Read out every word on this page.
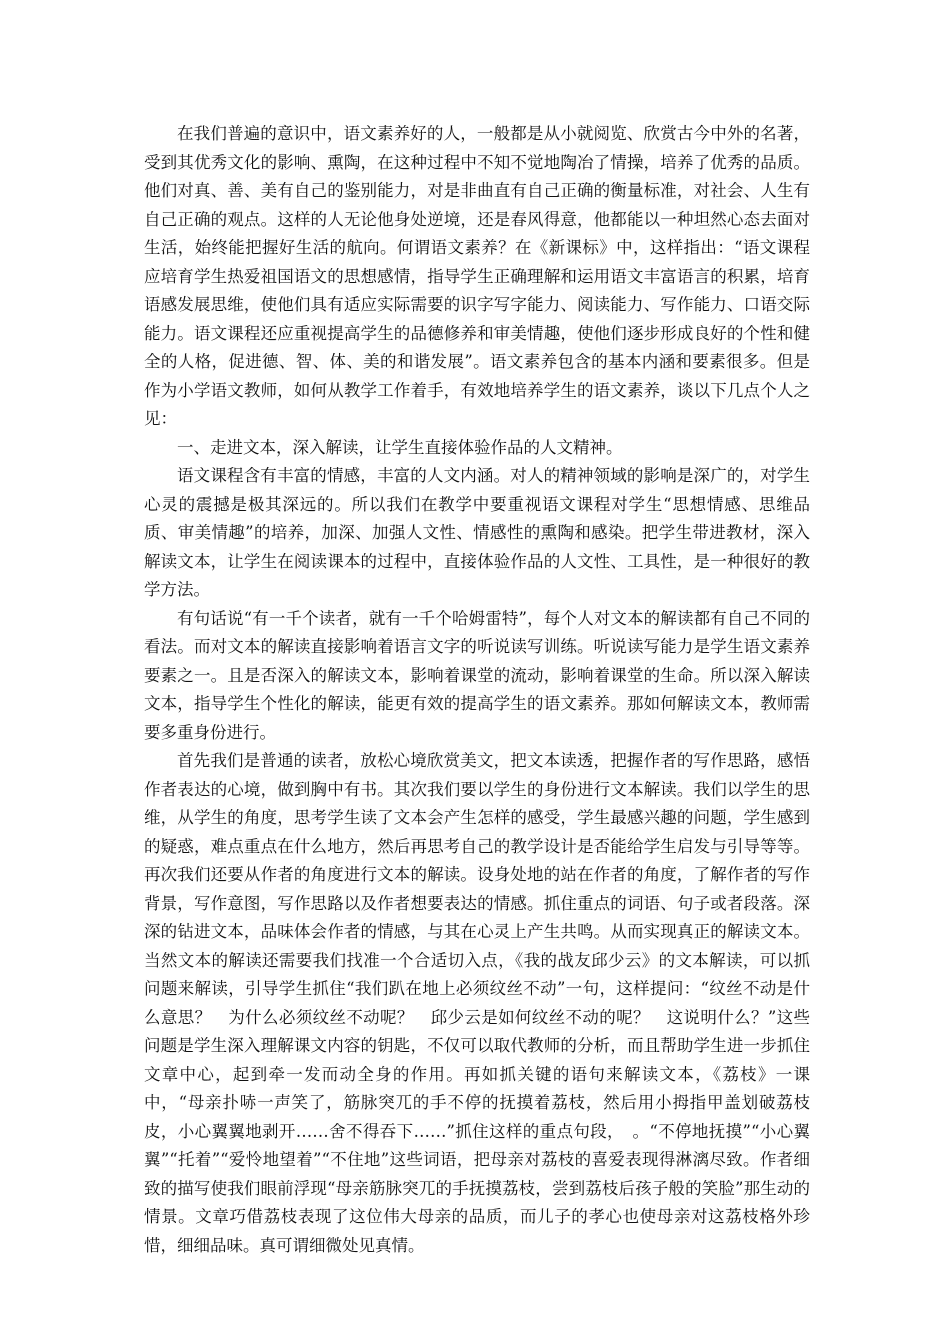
在我们普遍的意识中，语文素养好的人，一般都是从小就阅览、欣赏古今中外的名著，受到其优秀文化的影响、熏陶，在这种过程中不知不觉地陶冶了情操，培养了优秀的品质。他们对真、善、美有自己的鉴别能力，对是非曲直有自己正确的衡量标准，对社会、人生有自己正确的观点。这样的人无论他身处逆境，还是春风得意，他都能以一种坦然心态去面对生活，始终能把握好生活的航向。何谓语文素养？在《新课标》中，这样指出：“语文课程应培育学生热爱祖国语文的思想感情，指导学生正确理解和运用语文丰富语言的积累，培育语感发展思维，使他们具有适应实际需要的识字写字能力、阅读能力、写作能力、口语交际能力。语文课程还应重视提高学生的品德修养和审美情趣，使他们逐步形成良好的个性和健全的人格，促进德、智、体、美的和谐发展”。语文素养包含的基本内涵和要素很多。但是作为小学语文教师，如何从教学工作着手，有效地培养学生的语文素养，谈以下几点个人之见：

一、走进文本，深入解读，让学生直接体验作品的人文精神。

语文课程含有丰富的情感，丰富的人文内涵。对人的精神领域的影响是深广的，对学生心灵的震撼是极其深远的。所以我们在教学中要重视语文课程对学生“思想情感、思维品质、审美情趣”的培养，加深、加强人文性、情感性的熏陶和感染。把学生带进教材，深入解读文本，让学生在阅读课本的过程中，直接体验作品的人文性、工具性，是一种很好的教学方法。

有句话说“有一千个读者，就有一千个哈姆雷特”，每个人对文本的解读都有自己不同的看法。而对文本的解读直接影响着语言文字的听说读写训练。听说读写能力是学生语文素养要素之一。且是否深入的解读文本，影响着课堂的流动，影响着课堂的生命。所以深入解读文本，指导学生个性化的解读，能更有效的提高学生的语文素养。那如何解读文本，教师需要多重身份进行。

首先我们是普通的读者，放松心境欣赏美文，把文本读透，把握作者的写作思路，感悟作者表达的心境，做到胸中有书。其次我们要以学生的身份进行文本解读。我们以学生的思维，从学生的角度，思考学生读了文本会产生怎样的感受，学生最感兴趣的问题，学生感到的疑惑，难点重点在什么地方，然后再思考自己的教学设计是否能给学生启发与引导等等。再次我们还要从作者的角度进行文本的解读。设身处地的站在作者的角度，了解作者的写作背景，写作意图，写作思路以及作者想要表达的情感。抓住重点的词语、句子或者段落。深深的钻进文本，品味体会作者的情感，与其在心灵上产生共鸣。从而实现真正的解读文本。当然文本的解读还需要我们找准一个合适切入点，《我的战友邱少云》的文本解读，可以抓问题来解读，引导学生抓住“我们趴在地上必须纹丝不动”一句，这样提问：“纹丝不动是什么意思？　为什么必须纹丝不动呢？　邱少云是如何纹丝不动的呢？　这说明什么？”这些问题是学生深入理解课文内容的钥匙，不仅可以取代教师的分析，而且帮助学生进一步抓住文章中心，起到牵一发而动全身的作用。再如抓关键的语句来解读文本，《荔枝》一课中，“母亲扑哧一声笑了，筋脉突兀的手不停的抚摸着荔枝，然后用小拇指甲盖划破荔枝皮，小心翼翼地剥开……舍不得吞下……”抓住这样的重点句段，　。“不停地抚摸”“小心翼翼”“托着”“爱怜地望着”“不住地”这些词语，把母亲对荔枝的喜爱表现得淋漓尽致。作者细致的描写使我们眼前浮现“母亲筋脉突兀的手抚摸荔枝，尝到荔枝后孩子般的笑脸”那生动的情景。文章巧借荔枝表现了这位伟大母亲的品质，而儿子的孝心也使母亲对这荔枝格外珍惜，细细品味。真可谓细微处见真情。
